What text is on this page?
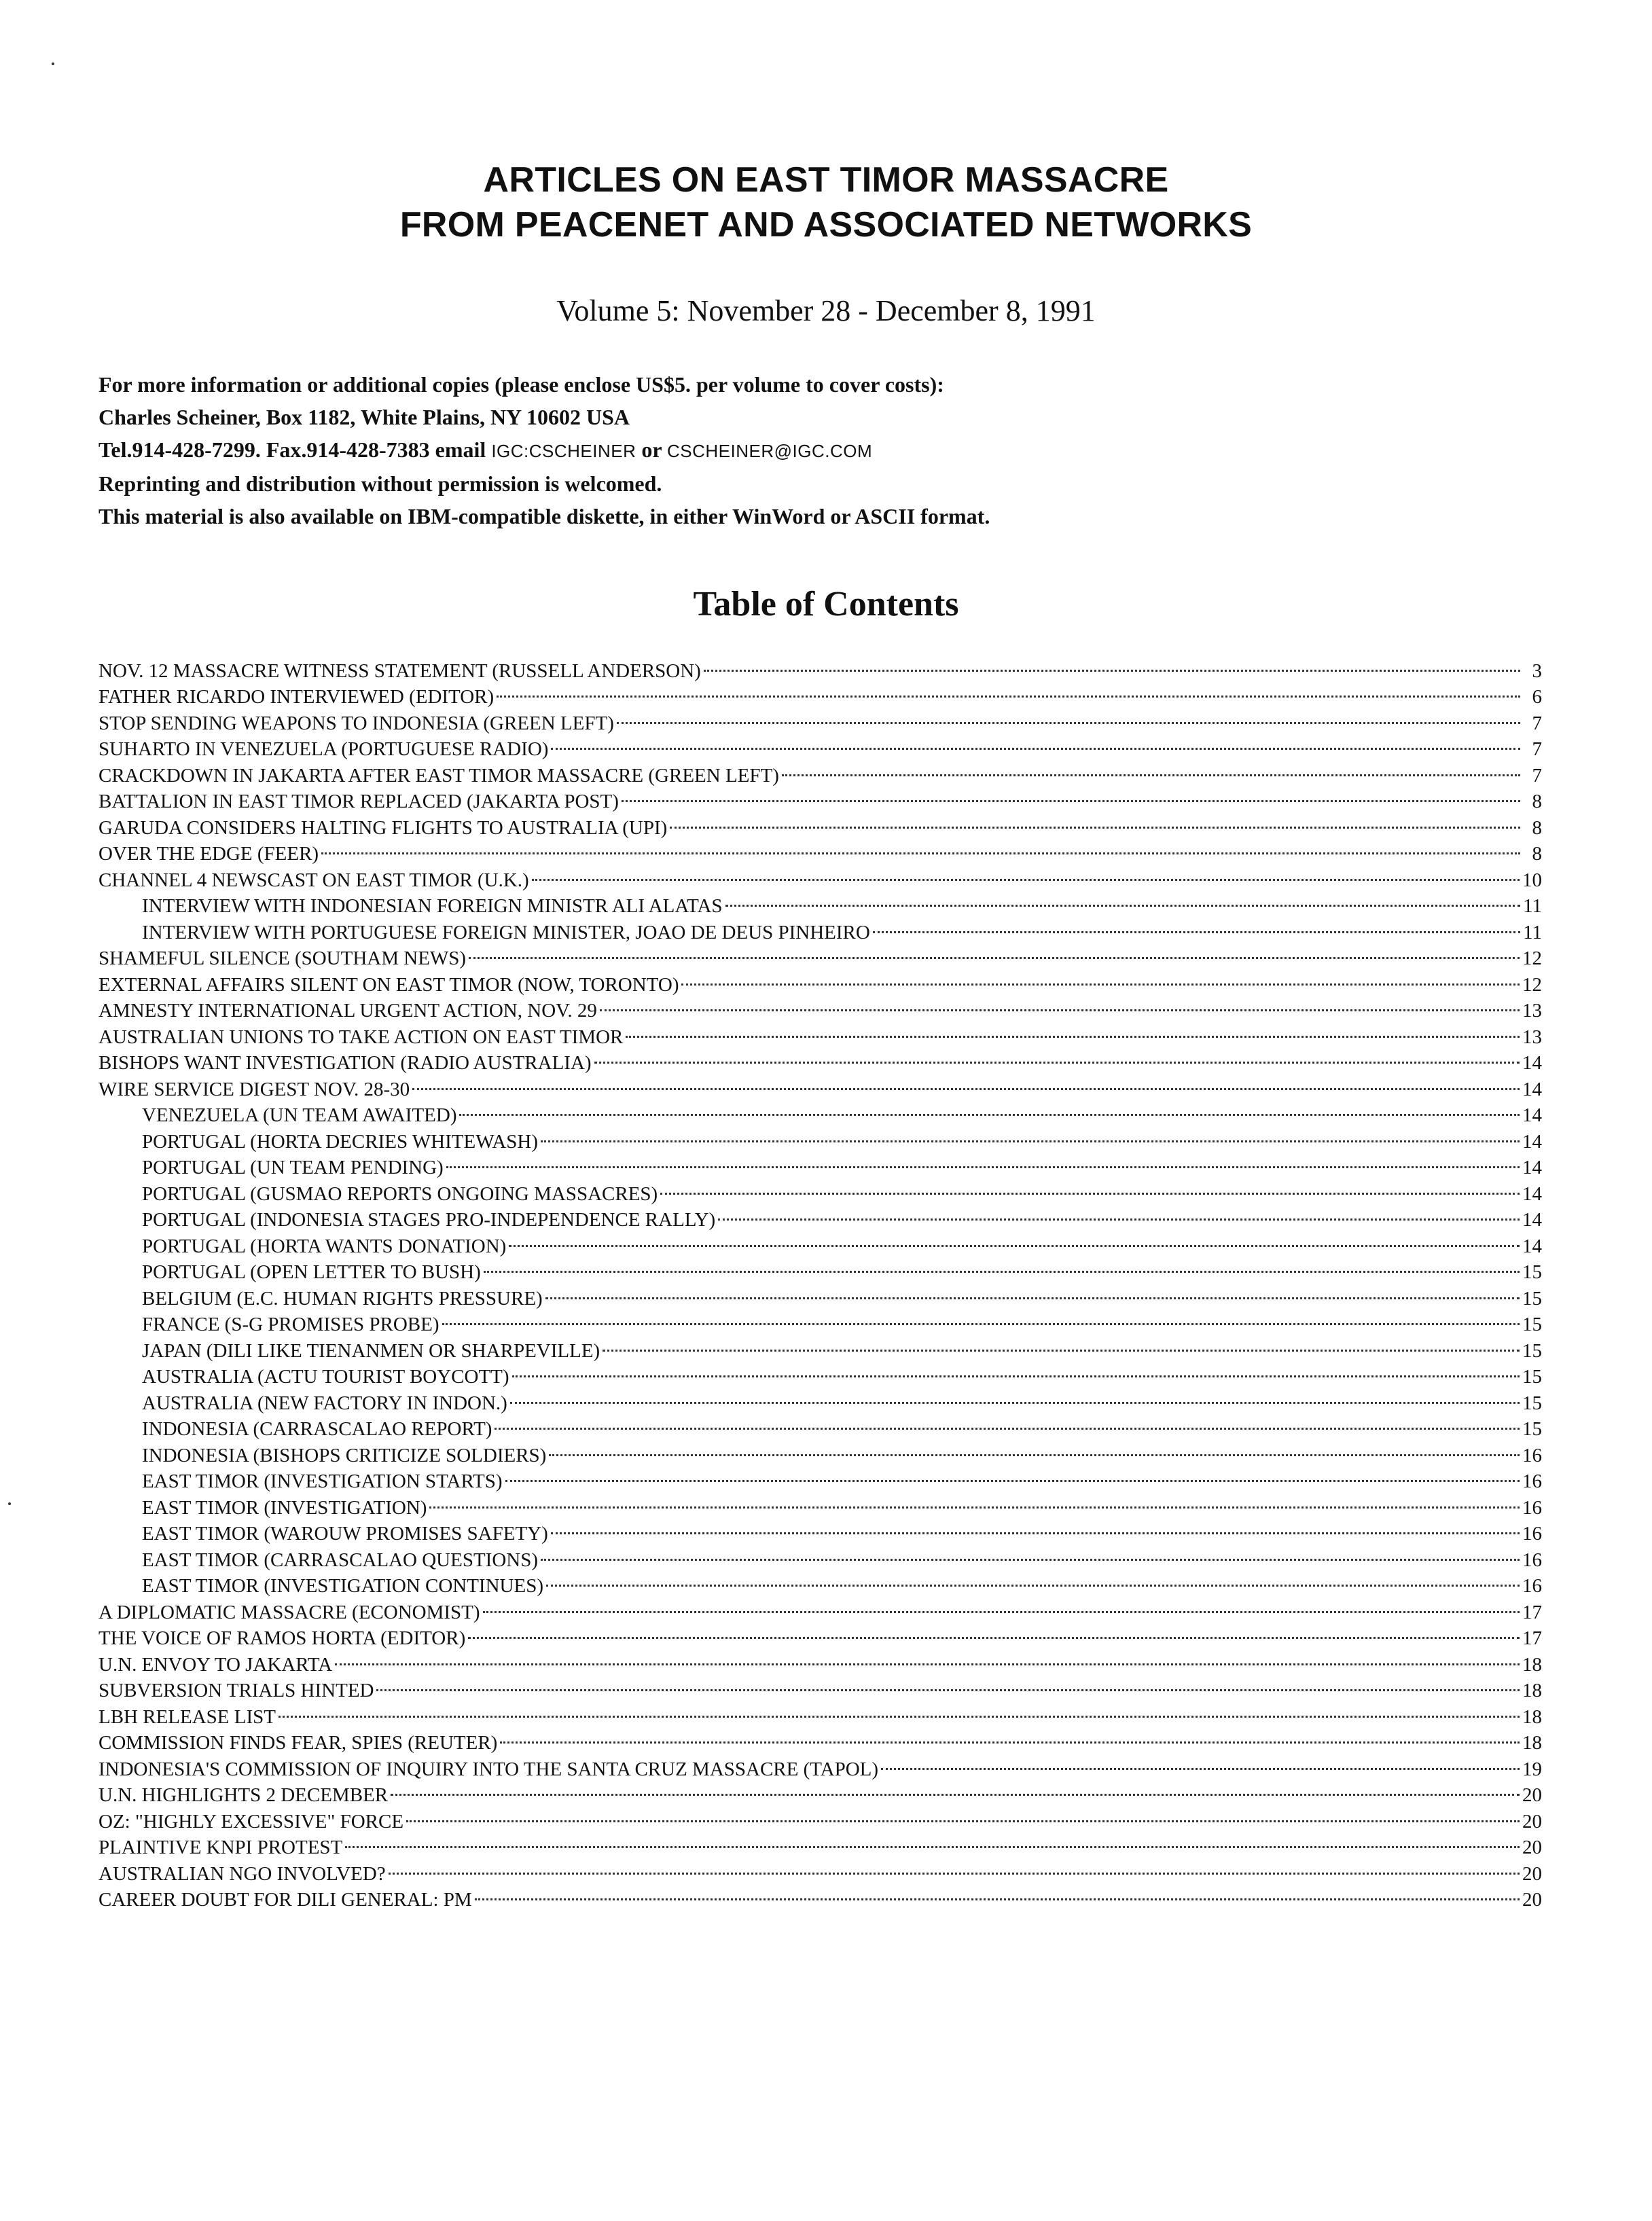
ARTICLES ON EAST TIMOR MASSACRE
FROM PEACENET AND ASSOCIATED NETWORKS
Volume 5: November 28 - December 8, 1991
For more information or additional copies (please enclose US$5. per volume to cover costs):
Charles Scheiner, Box 1182, White Plains, NY 10602 USA
Tel.914-428-7299. Fax.914-428-7383 email IGC:CSCHEINER or CSCHEINER@IGC.COM
Reprinting and distribution without permission is welcomed.
This material is also available on IBM-compatible diskette, in either WinWord or ASCII format.
Table of Contents
NOV. 12 MASSACRE WITNESS STATEMENT (RUSSELL ANDERSON)	3
FATHER RICARDO INTERVIEWED (EDITOR)	6
STOP SENDING WEAPONS TO INDONESIA (GREEN LEFT)	7
SUHARTO IN VENEZUELA (PORTUGUESE RADIO)	7
CRACKDOWN IN JAKARTA AFTER EAST TIMOR MASSACRE (GREEN LEFT)	7
BATTALION IN EAST TIMOR REPLACED (JAKARTA POST)	8
GARUDA CONSIDERS HALTING FLIGHTS TO AUSTRALIA (UPI)	8
OVER THE EDGE (FEER)	8
CHANNEL 4 NEWSCAST ON EAST TIMOR (U.K.)	10
INTERVIEW WITH INDONESIAN FOREIGN MINISTR ALI ALATAS	11
INTERVIEW WITH PORTUGUESE FOREIGN MINISTER, JOAO DE DEUS PINHEIRO	11
SHAMEFUL SILENCE (SOUTHAM NEWS)	12
EXTERNAL AFFAIRS SILENT ON EAST TIMOR (NOW, TORONTO)	12
AMNESTY INTERNATIONAL URGENT ACTION, NOV. 29	13
AUSTRALIAN UNIONS TO TAKE ACTION ON EAST TIMOR	13
BISHOPS WANT INVESTIGATION (RADIO AUSTRALIA)	14
WIRE SERVICE DIGEST NOV. 28-30	14
VENEZUELA (UN TEAM AWAITED)	14
PORTUGAL (HORTA DECRIES WHITEWASH)	14
PORTUGAL (UN TEAM PENDING)	14
PORTUGAL (GUSMAO REPORTS ONGOING MASSACRES)	14
PORTUGAL (INDONESIA STAGES PRO-INDEPENDENCE RALLY)	14
PORTUGAL (HORTA WANTS DONATION)	14
PORTUGAL (OPEN LETTER TO BUSH)	15
BELGIUM (E.C. HUMAN RIGHTS PRESSURE)	15
FRANCE (S-G PROMISES PROBE)	15
JAPAN (DILI LIKE TIENANMEN OR SHARPEVILLE)	15
AUSTRALIA (ACTU TOURIST BOYCOTT)	15
AUSTRALIA (NEW FACTORY IN INDON.)	15
INDONESIA (CARRASCALAO REPORT)	15
INDONESIA (BISHOPS CRITICIZE SOLDIERS)	16
EAST TIMOR (INVESTIGATION STARTS)	16
EAST TIMOR (INVESTIGATION)	16
EAST TIMOR (WAROUW PROMISES SAFETY)	16
EAST TIMOR (CARRASCALAO QUESTIONS)	16
EAST TIMOR (INVESTIGATION CONTINUES)	16
A DIPLOMATIC MASSACRE (ECONOMIST)	17
THE VOICE OF RAMOS HORTA (EDITOR)	17
U.N. ENVOY TO JAKARTA	18
SUBVERSION TRIALS HINTED	18
LBH RELEASE LIST	18
COMMISSION FINDS FEAR, SPIES (REUTER)	18
INDONESIA'S COMMISSION OF INQUIRY INTO THE SANTA CRUZ MASSACRE (TAPOL)	19
U.N. HIGHLIGHTS 2 DECEMBER	20
OZ: "HIGHLY EXCESSIVE" FORCE	20
PLAINTIVE KNPI PROTEST	20
AUSTRALIAN NGO INVOLVED?	20
CAREER DOUBT FOR DILI GENERAL: PM	20
